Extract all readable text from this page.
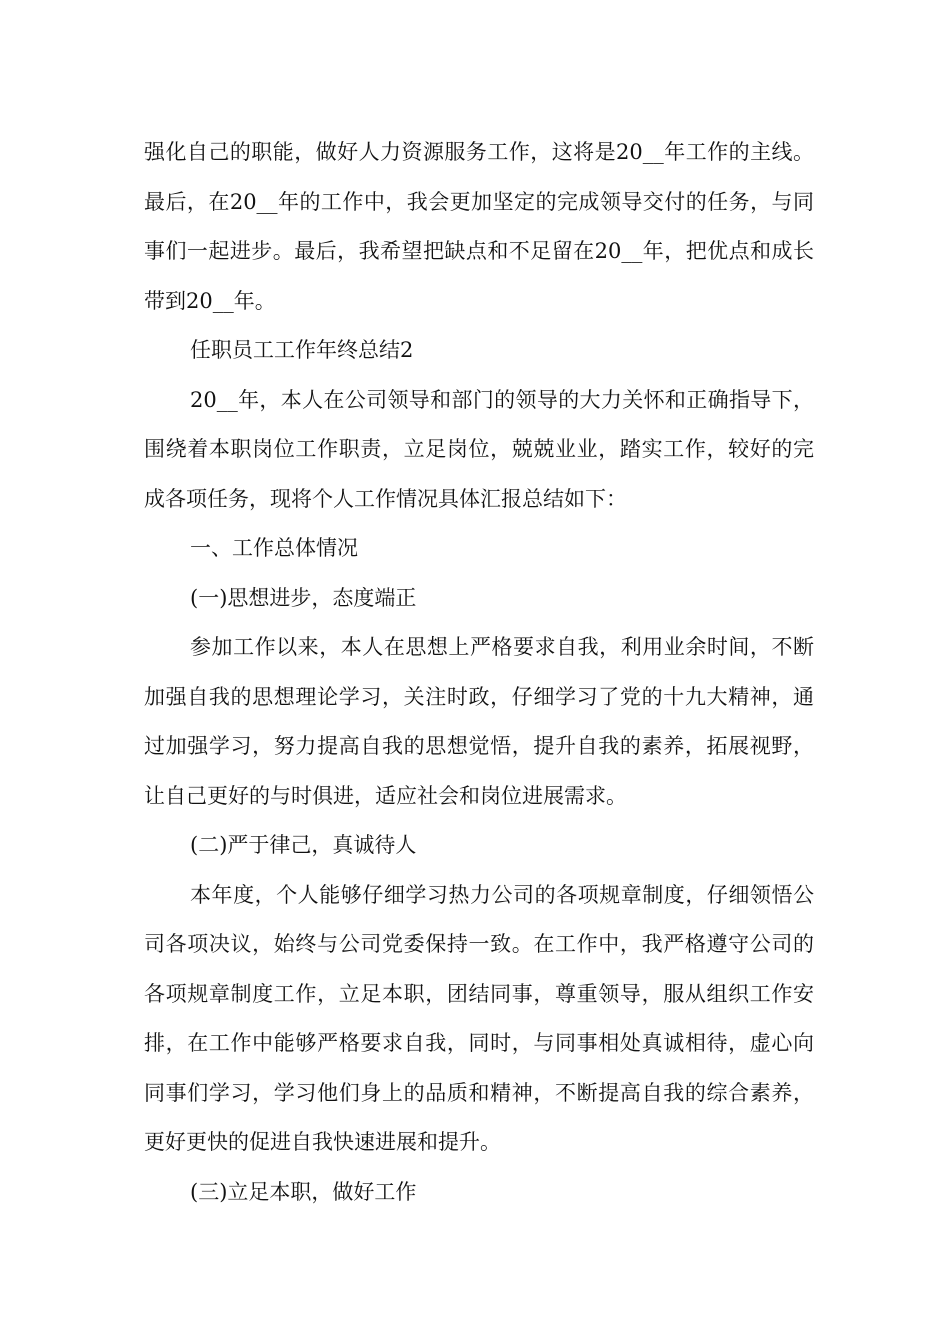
强化自己的职能，做好人力资源服务工作，这将是20__年工作的主线。最后，在20__年的工作中，我会更加坚定的完成领导交付的任务，与同事们一起进步。最后，我希望把缺点和不足留在20__年，把优点和成长带到20__年。

任职员工工作年终总结2

20__年，本人在公司领导和部门的领导的大力关怀和正确指导下，围绕着本职岗位工作职责，立足岗位，兢兢业业，踏实工作，较好的完成各项任务，现将个人工作情况具体汇报总结如下：

一、工作总体情况

(一)思想进步，态度端正

参加工作以来，本人在思想上严格要求自我，利用业余时间，不断加强自我的思想理论学习，关注时政，仔细学习了党的十九大精神，通过加强学习，努力提高自我的思想觉悟，提升自我的素养，拓展视野，让自己更好的与时俱进，适应社会和岗位进展需求。

(二)严于律己，真诚待人

本年度，个人能够仔细学习热力公司的各项规章制度，仔细领悟公司各项决议，始终与公司党委保持一致。在工作中，我严格遵守公司的各项规章制度工作，立足本职，团结同事，尊重领导，服从组织工作安排，在工作中能够严格要求自我，同时，与同事相处真诚相待，虚心向同事们学习，学习他们身上的品质和精神，不断提高自我的综合素养，更好更快的促进自我快速进展和提升。

(三)立足本职，做好工作
